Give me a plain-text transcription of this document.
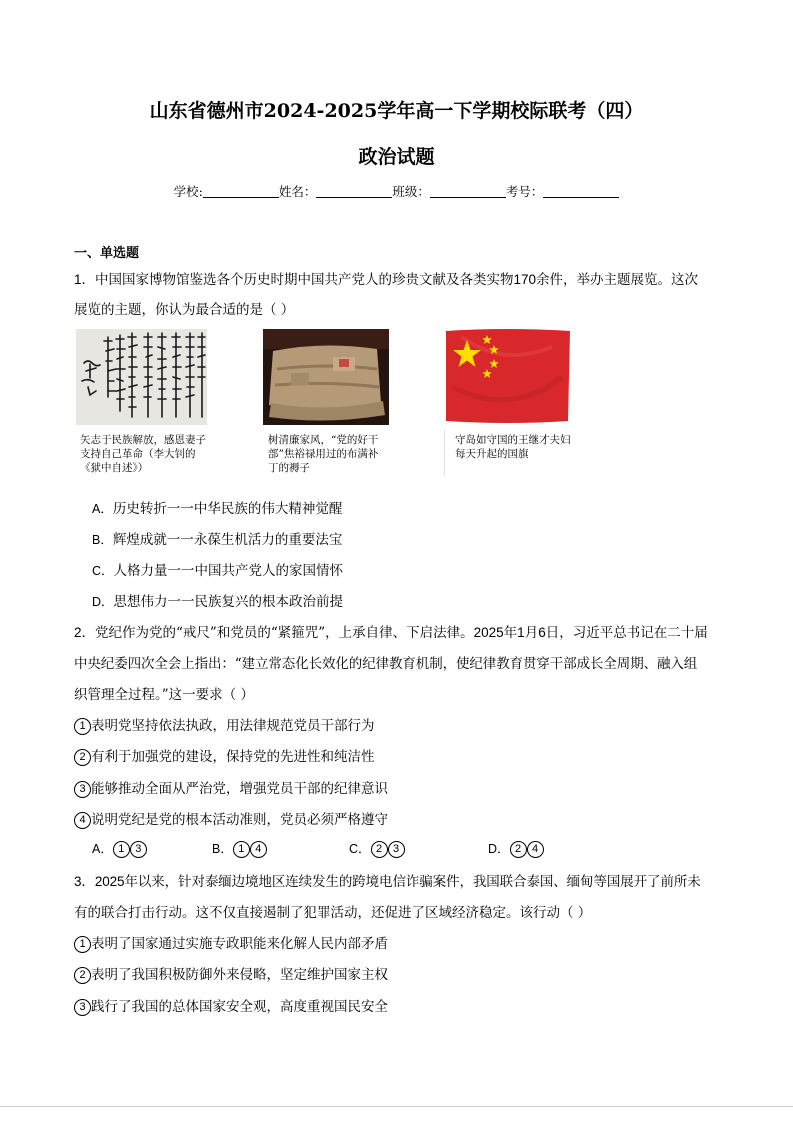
山东省德州市2024-2025学年高一下学期校际联考（四）
政治试题
学校:	姓名：	班级：	考号：
一、单选题
1．中国国家博物馆鉴选各个历史时期中国共产党人的珍贵文献及各类实物170余件，举办主题展览。这次
展览的主题，你认为最合适的是（ ）
矢志于民族解放，感恩妻子支持自己革命（李大钊的《狱中自述》）
树清廉家风，“党的好干部”焦裕禄用过的布满补丁的褥子
守岛如守国的王继才夫妇每天升起的国旗
A．历史转折一一中华民族的伟大精神觉醒
B．辉煌成就一一永葆生机活力的重要法宝
C．人格力量一一中国共产党人的家国情怀
D．思想伟力一一民族复兴的根本政治前提
2．党纪作为党的“戒尺”和党员的“紧箍咒”，上承自律、下启法律。2025年1月6日，习近平总书记在二十届
中央纪委四次全会上指出：“建立常态化长效化的纪律教育机制，使纪律教育贯穿干部成长全周期、融入组
织管理全过程。”这一要求（ ）
1 表明党坚持依法执政，用法律规范党员干部行为
2 有利于加强党的建设，保持党的先进性和纯洁性
3 能够推动全面从严治党，增强党员干部的纪律意识
4 说明党纪是党的根本活动准则，党员必须严格遵守
A． 1 3	B． 1 4	C． 2 3	D． 2 4
3．2025年以来，针对泰缅边境地区连续发生的跨境电信诈骗案件，我国联合泰国、缅甸等国展开了前所未
有的联合打击行动。这不仅直接遏制了犯罪活动，还促进了区域经济稳定。该行动（ ）
1 表明了国家通过实施专政职能来化解人民内部矛盾
2 表明了我国积极防御外来侵略，坚定维护国家主权
3 践行了我国的总体国家安全观，高度重视国民安全
